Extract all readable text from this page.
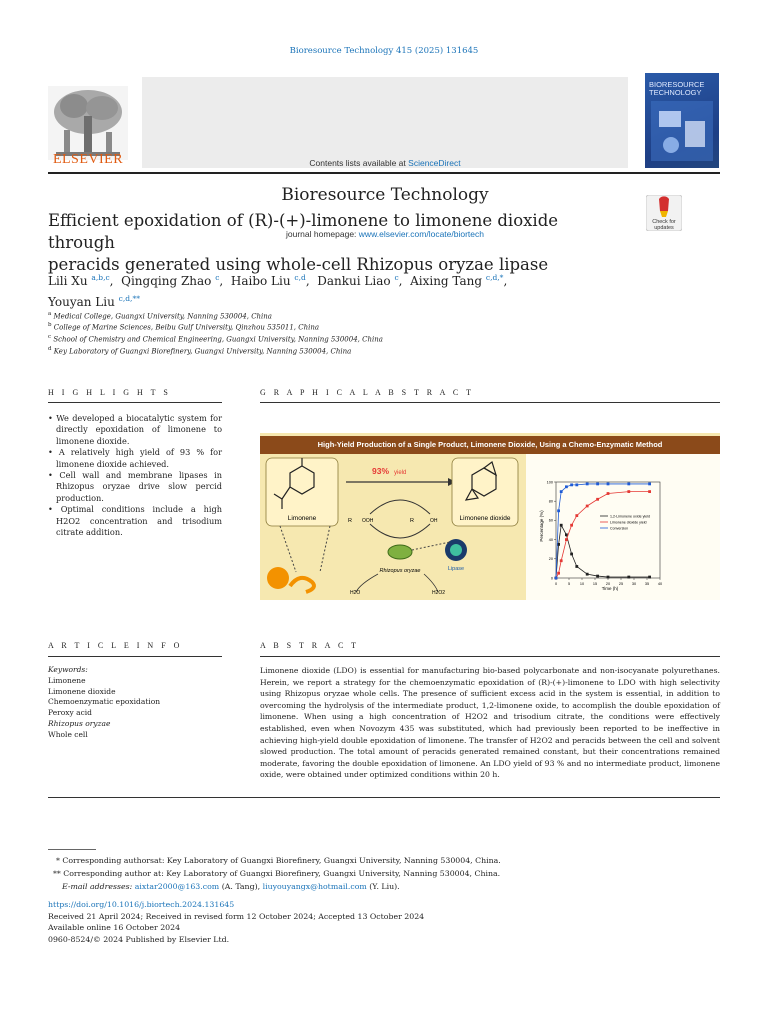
Bioresource Technology 415 (2025) 131645
ELSEVIER	Contents lists available at ScienceDirect
Bioresource Technology
journal homepage: www.elsevier.com/locate/biortech
BIORESOURCE
TECHNOLOGY
Efficient epoxidation of (R)-(+)-limonene to limonene dioxide through
peracids generated using whole-cell Rhizopus oryzae lipase
Check for
updates
Lili Xu $^{a,b,c}$,  Qingqing Zhao $^c$,  Haibo Liu $^{c,d}$,  Dankui Liao $^c$,  Aixing Tang $^{c,d,*}$,
Youyan Liu $^{c,d,**}$
$^a$ Medical College, Guangxi University, Nanning 530004, China
$^b$ College of Marine Sciences, Beibu Gulf University, Qinzhou 535011, China
$^c$ School of Chemistry and Chemical Engineering, Guangxi University, Nanning 530004, China
$^d$ Key Laboratory of Guangxi Biorefinery, Guangxi University, Nanning 530004, China
H I G H L I G H T S
• We developed a biocatalytic system for directly epoxidation of limonene to limonene dioxide.
• A relatively high yield of 93 % for limonene dioxide achieved.
• Cell wall and membrane lipases in Rhizopus oryzae drive slow percid production.
• Optimal conditions include a high H2O2 concentration and trisodium citrate addition.
G R A P H I C A L A B S T R A C T
High-Yield Production of a Single Product, Limonene Dioxide, Using a Chemo-Enzymatic Method
Limonene
93% yield
Limonene dioxide
R OOH	R	OH
Rhizopus oryzae	Lipase
H2O	H2O2
Percentage (%)
Time (h)
0	5	10 15 20 25 30 35 40
0
20
40
60
80
100
1,2-Limonene oxide yield
Limonene dioxide yield
Conversion
A R T I C L E I N F O	A B S T R A C T
Keywords:
Limonene
Limonene dioxide
Chemoenzymatic epoxidation
Peroxy acid
Rhizopus oryzae
Whole cell
Limonene dioxide (LDO) is essential for manufacturing bio-based polycarbonate and non-isocyanate polyurethanes. Herein, we report a strategy for the chemoenzymatic epoxidation of (R)-(+)-limonene to LDO with high selectivity using Rhizopus oryzae whole cells. The presence of sufficient excess acid in the system is essential, in addition to overcoming the hydrolysis of the intermediate product, 1,2-limonene oxide, to accomplish the double epoxidation of limonene. When using a high concentration of H2O2 and trisodium citrate, the conditions were effectively established, even when Novozym 435 was substituted, which had previously been reported to be ineffective in achieving high-yield double epoxidation of limonene. The transfer of H2O2 and peracids between the cell and solvent slowed production. The total amount of peracids generated remained constant, but their concentrations remained moderate, favoring the double epoxidation of limonene. An LDO yield of 93 % and no intermediate product, limonene oxide, were obtained under optimized conditions within 20 h.
* Corresponding authorsat: Key Laboratory of Guangxi Biorefinery, Guangxi University, Nanning 530004, China.
** Corresponding author at: Key Laboratory of Guangxi Biorefinery, Guangxi University, Nanning 530004, China.
E-mail addresses: aixtar2000@163.com (A. Tang), liuyouyangx@hotmail.com (Y. Liu).
https://doi.org/10.1016/j.biortech.2024.131645
Received 21 April 2024; Received in revised form 12 October 2024; Accepted 13 October 2024
Available online 16 October 2024
0960-8524/© 2024 Published by Elsevier Ltd.
